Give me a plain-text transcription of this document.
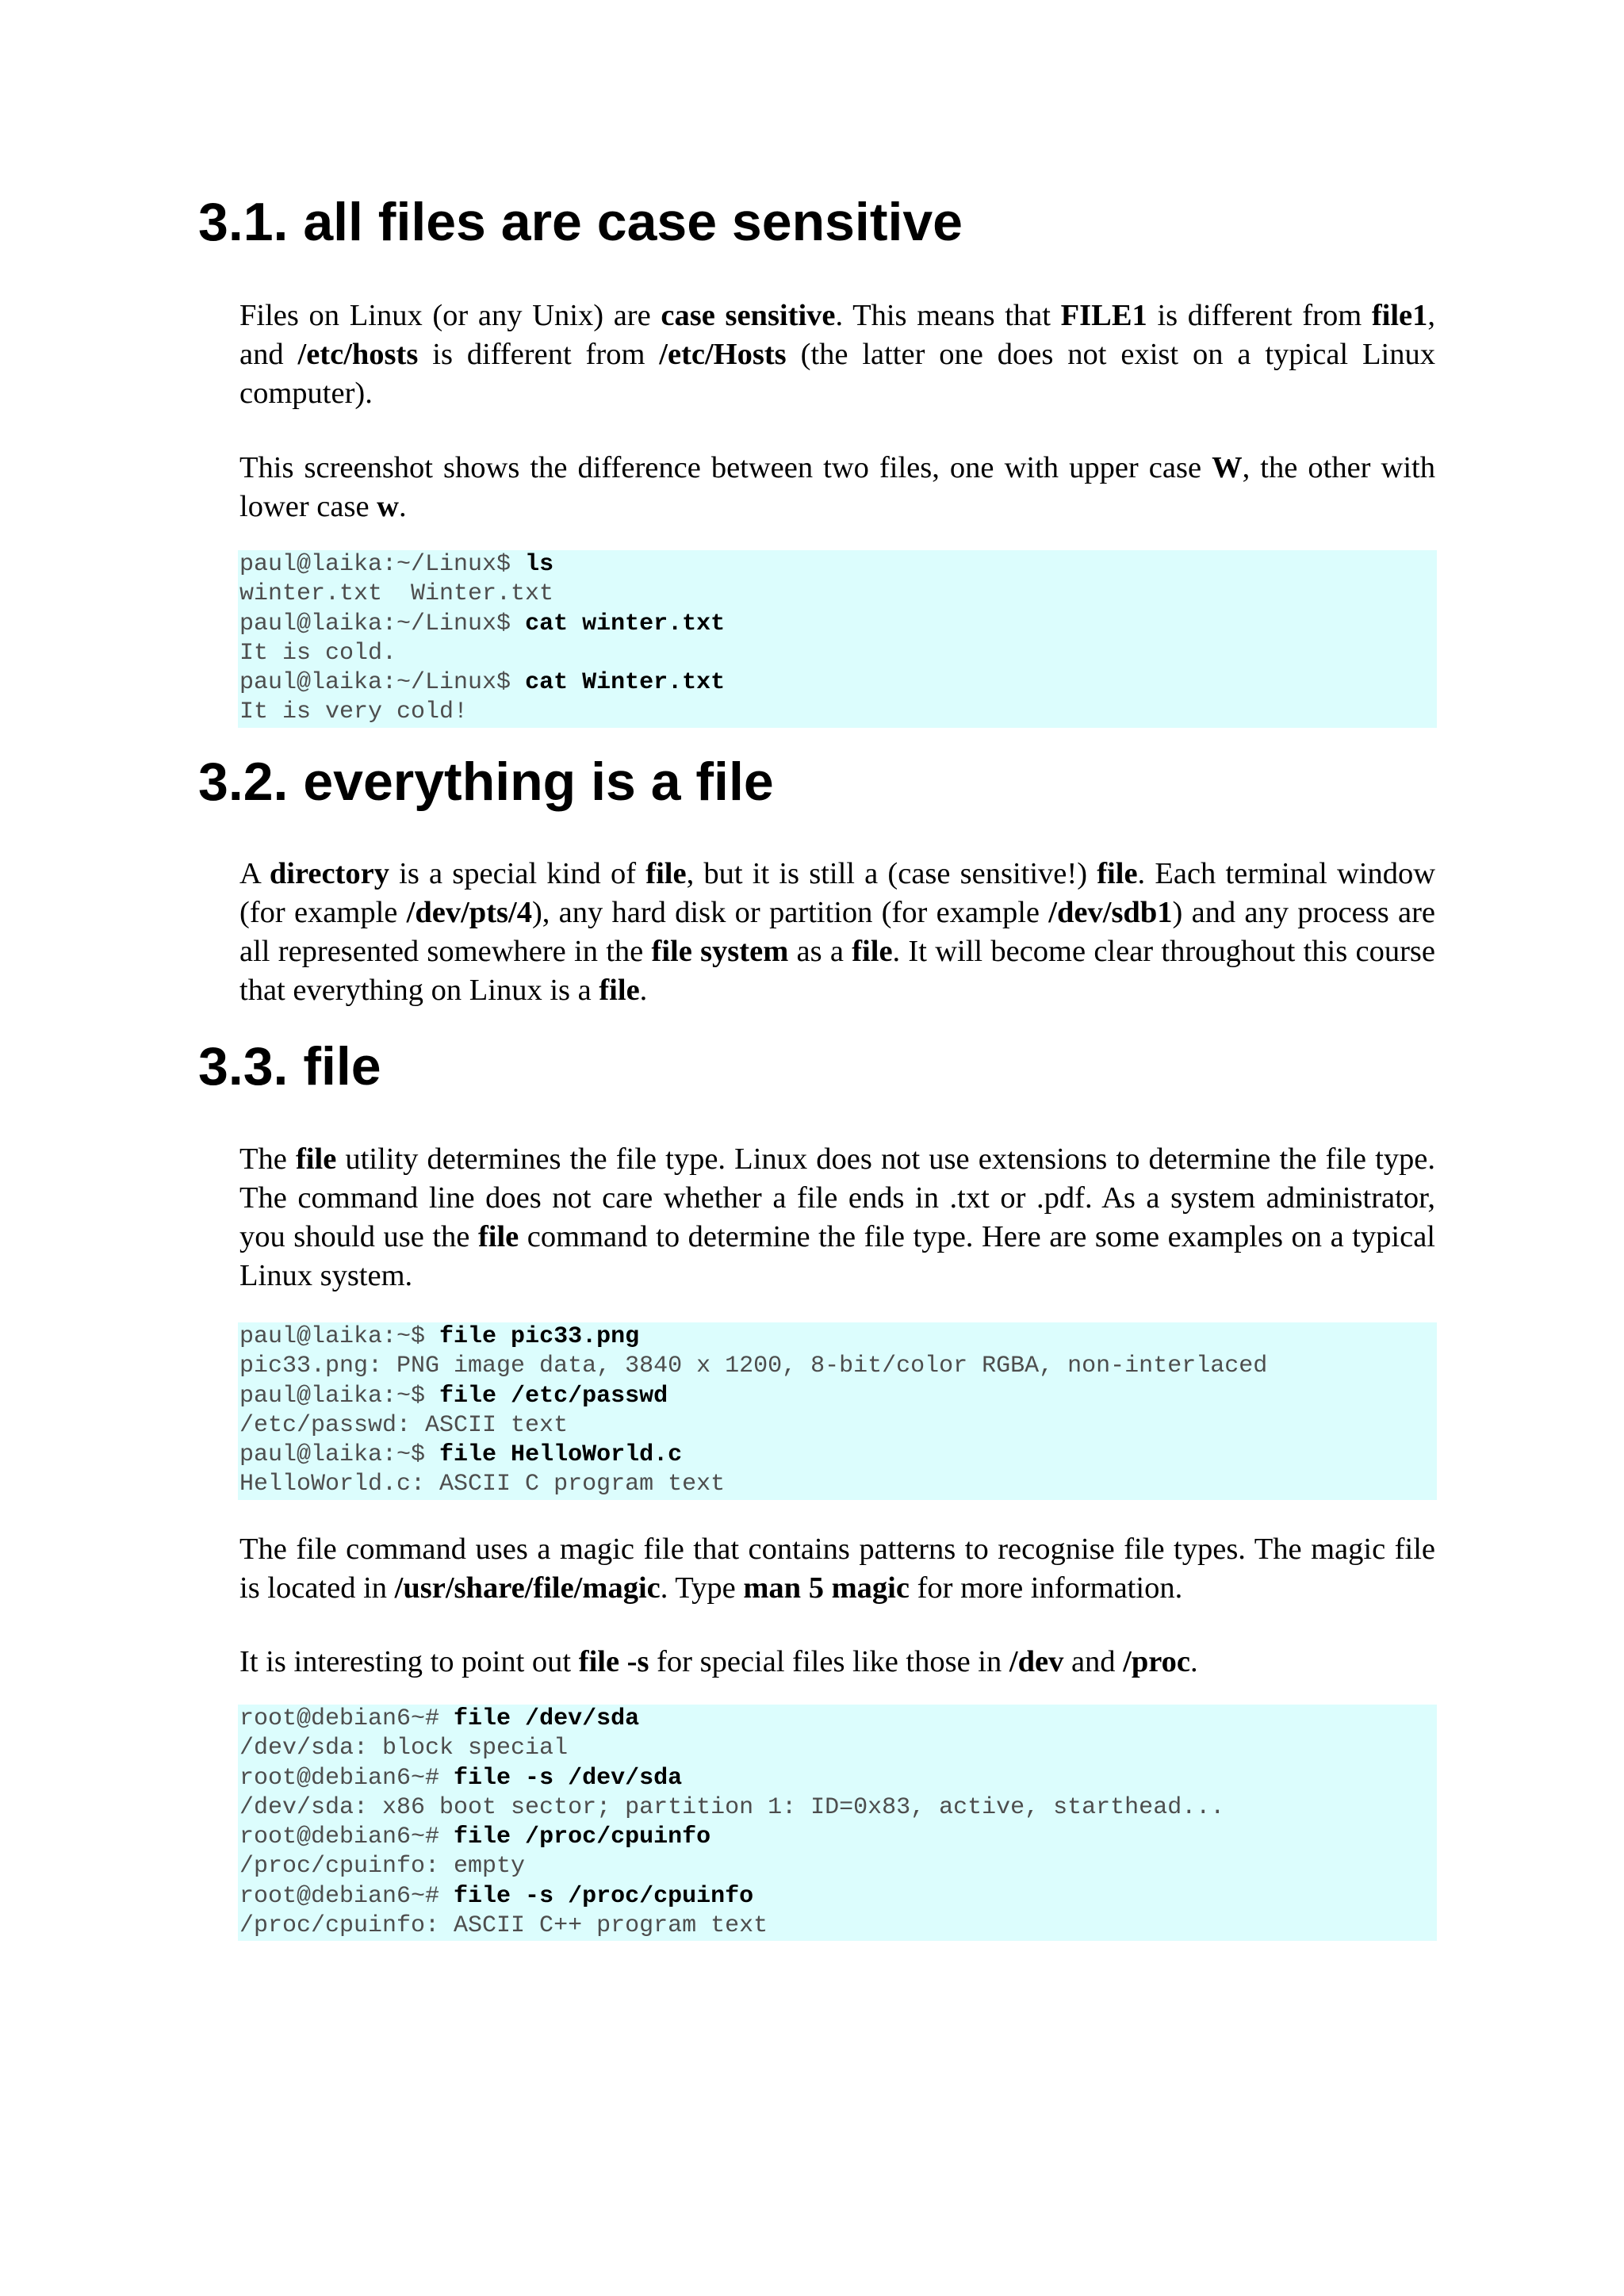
3.1. all files are case sensitive

Files on Linux (or any Unix) are case sensitive. This means that FILE1 is different from file1, and /etc/hosts is different from /etc/Hosts (the latter one does not exist on a typical Linux computer).

This screenshot shows the difference between two files, one with upper case W, the other with lower case w.

paul@laika:~/Linux$ ls
winter.txt  Winter.txt
paul@laika:~/Linux$ cat winter.txt
It is cold.
paul@laika:~/Linux$ cat Winter.txt
It is very cold!
3.2. everything is a file

A directory is a special kind of file, but it is still a (case sensitive!) file. Each terminal window (for example /dev/pts/4), any hard disk or partition (for example /dev/sdb1) and any process are all represented somewhere in the file system as a file. It will become clear throughout this course that everything on Linux is a file.

3.3. file

The file utility determines the file type. Linux does not use extensions to determine the file type. The command line does not care whether a file ends in .txt or .pdf. As a system administrator, you should use the file command to determine the file type. Here are some examples on a typical Linux system.

paul@laika:~$ file pic33.png
pic33.png: PNG image data, 3840 x 1200, 8-bit/color RGBA, non-interlaced
paul@laika:~$ file /etc/passwd
/etc/passwd: ASCII text
paul@laika:~$ file HelloWorld.c
HelloWorld.c: ASCII C program text

The file command uses a magic file that contains patterns to recognise file types. The magic file is located in /usr/share/file/magic. Type man 5 magic for more information.

It is interesting to point out file -s for special files like those in /dev and /proc.

root@debian6~# file /dev/sda
/dev/sda: block special
root@debian6~# file -s /dev/sda
/dev/sda: x86 boot sector; partition 1: ID=0x83, active, starthead...
root@debian6~# file /proc/cpuinfo
/proc/cpuinfo: empty
root@debian6~# file -s /proc/cpuinfo
/proc/cpuinfo: ASCII C++ program text
